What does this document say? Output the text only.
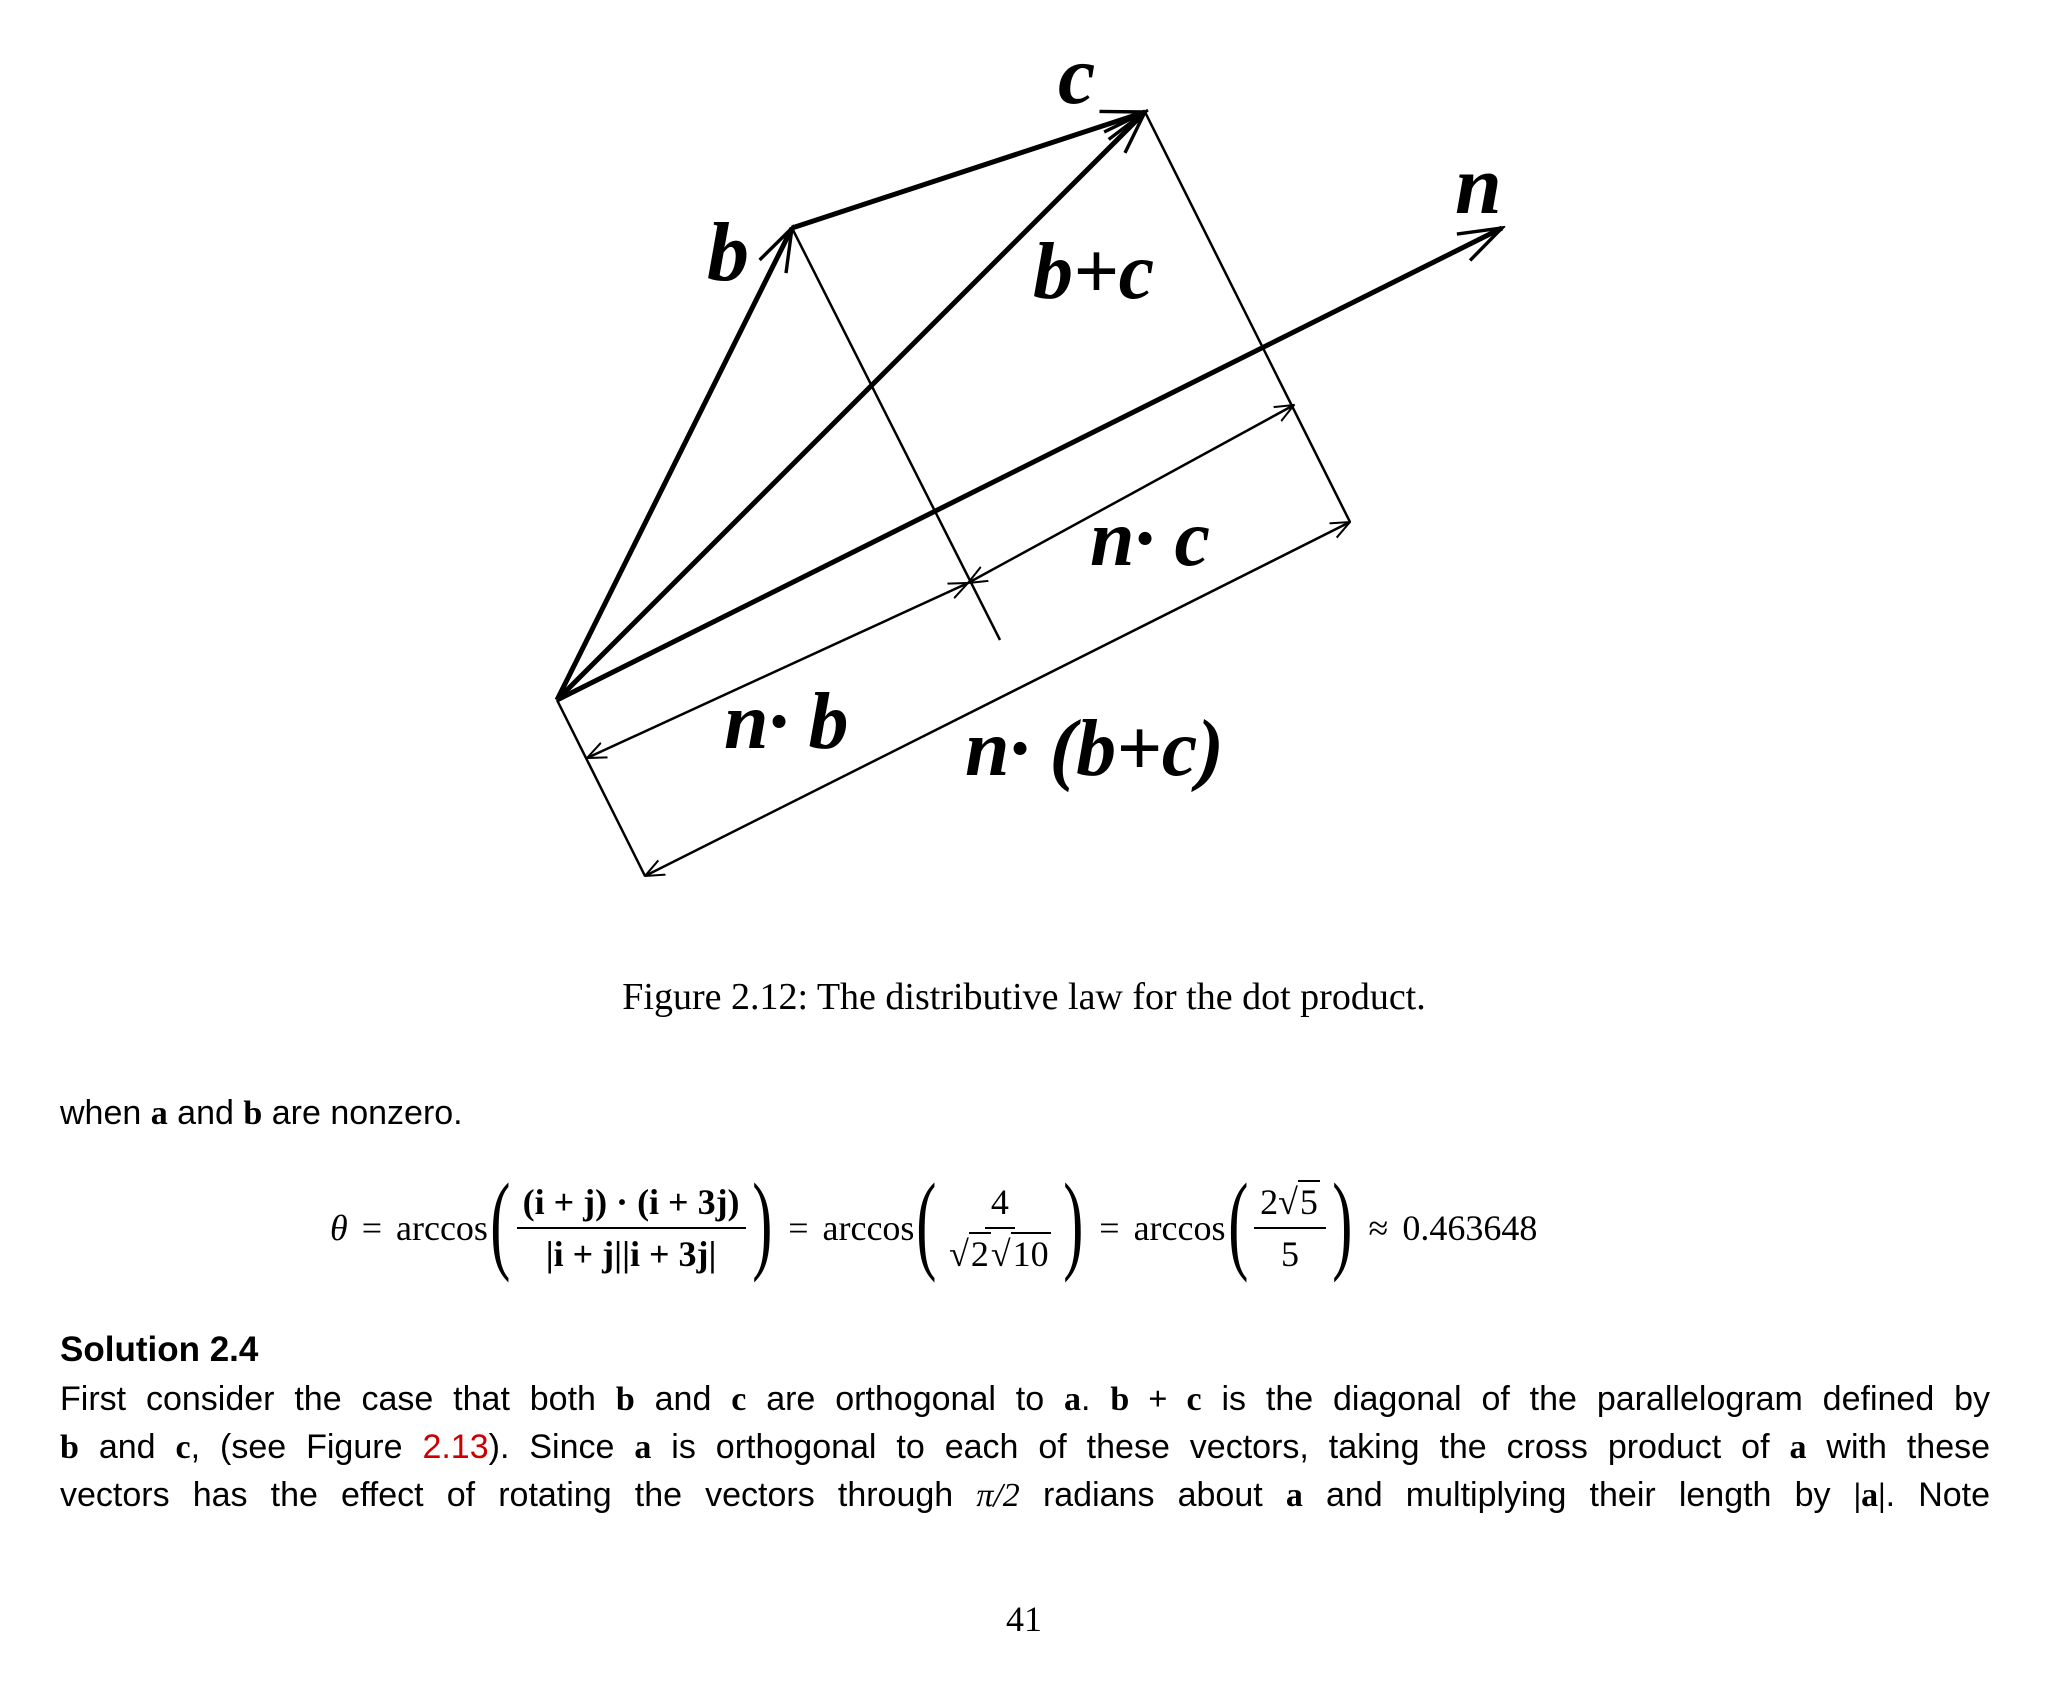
c
n
b	b+c
n· c
n· b n· (b+c)
Figure 2.12: The distributive law for the dot product.
when a and b are nonzero.
θ = arccos ( $\frac{(i + j) \cdot (i + 3j)}{|i + j||i + 3j|}$ ) = arccos ( $\frac{4}{√2√10}$ ) = arccos ( $\frac{2√5}{5}$ ) ≈ 0.463648
Solution 2.4
First consider the case that both b and c are orthogonal to a. b + c is the diagonal of the parallelogram defined by
b and c, (see Figure 2.13). Since a is orthogonal to each of these vectors, taking the cross product of a with these
vectors has the effect of rotating the vectors through π/2 radians about a and multiplying their length by |a|. Note
41
